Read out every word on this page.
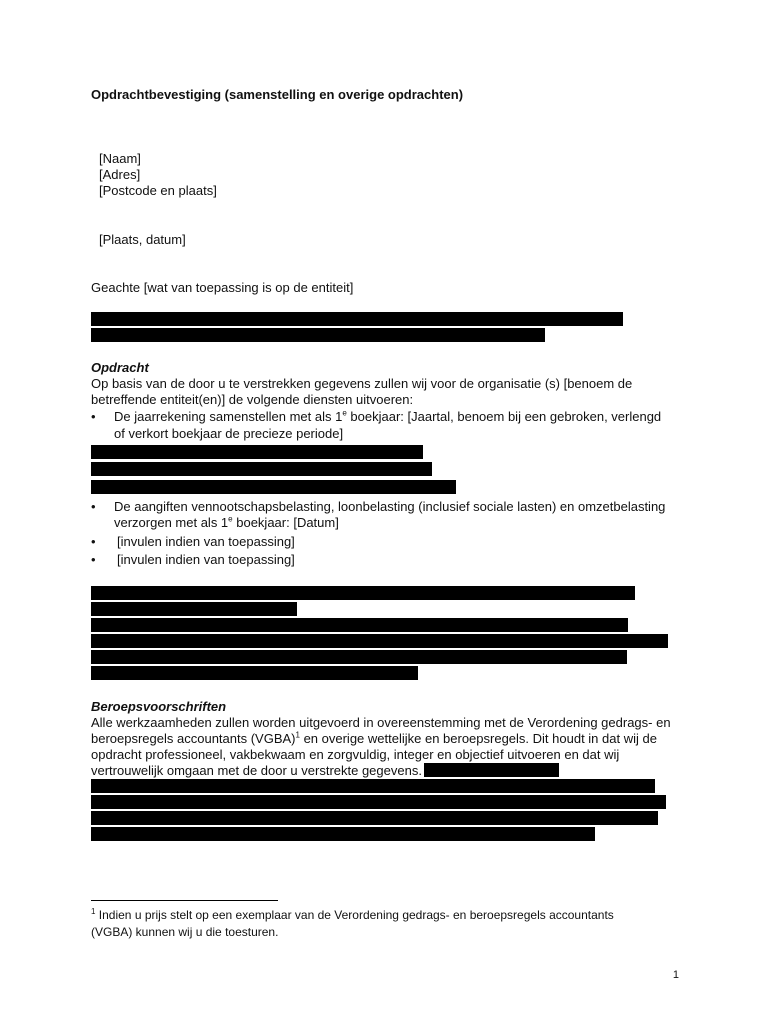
Opdrachtbevestiging (samenstelling en overige opdrachten)
[Naam]
[Adres]
[Postcode en plaats]
[Plaats, datum]
Geachte [wat van toepassing is op de entiteit]
Opdracht
Op basis van de door u te verstrekken gegevens zullen wij voor de organisatie (s) [benoem de
betreffende entiteit(en)] de volgende diensten uitvoeren:
• De jaarrekening samenstellen met als 1e boekjaar: [Jaartal, benoem bij een gebroken, verlengd
of verkort boekjaar de precieze periode]
• De aangiften vennootschapsbelasting, loonbelasting (inclusief sociale lasten) en omzetbelasting
verzorgen met als 1e boekjaar: [Datum]
• [invulen indien van toepassing]
• [invulen indien van toepassing]
Beroepsvoorschriften
Alle werkzaamheden zullen worden uitgevoerd in overeenstemming met de Verordening gedrags- en
beroepsregels accountants (VGBA)$^1$ en overige wettelijke en beroepsregels. Dit houdt in dat wij de
opdracht professioneel, vakbekwaam en zorgvuldig, integer en objectief uitvoeren en dat wij
vertrouwelijk omgaan met de door u verstrekte gegevens.
$^1$ Indien u prijs stelt op een exemplaar van de Verordening gedrags- en beroepsregels accountants
(VGBA) kunnen wij u die toesturen.
1
